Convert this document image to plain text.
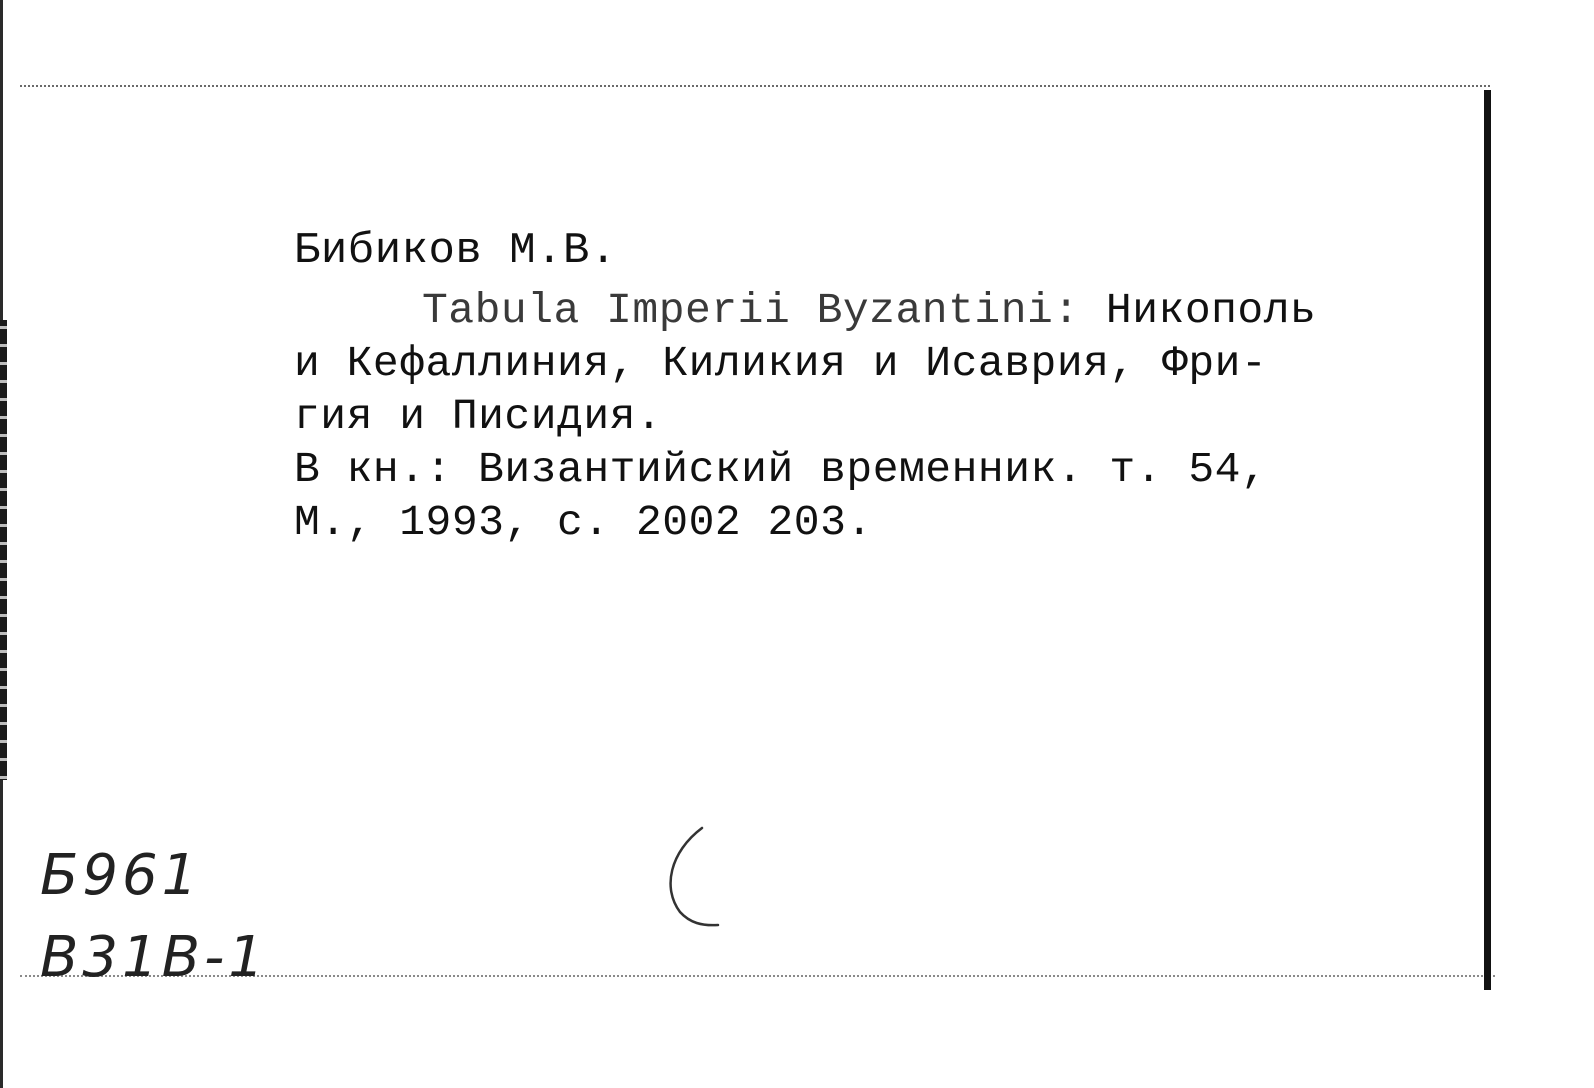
Бибиков М.В.
Tabula Imperii Byzantini: Никополь
и Кефаллиния, Киликия и Исаврия, Фри-
гия и Писидия.
В кн.: Византийский временник. т. 54,
М., 1993, с. 2002 203.
Б961
В31В-1
